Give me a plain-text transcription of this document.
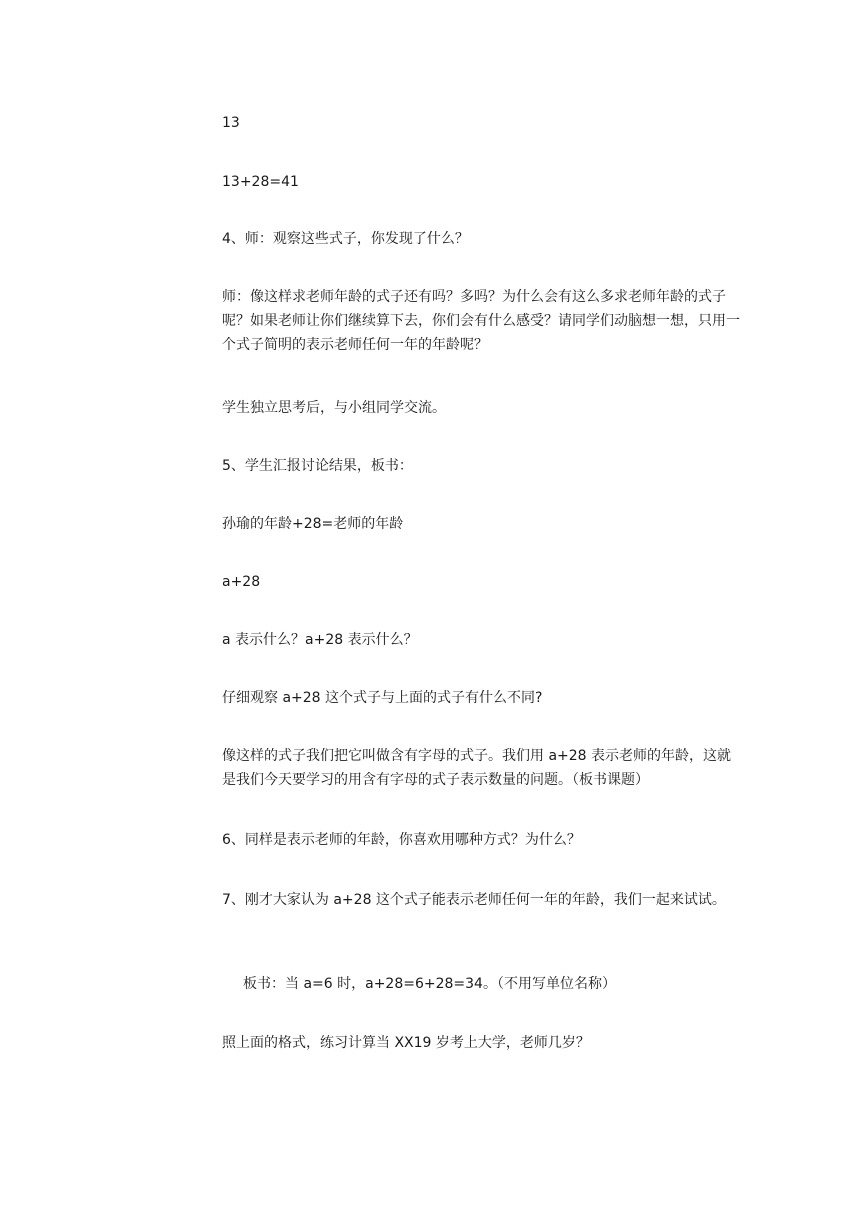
13

13+28=41

4、师：观察这些式子，你发现了什么？

师：像这样求老师年龄的式子还有吗？多吗？为什么会有这么多求老师年龄的式子呢？如果老师让你们继续算下去，你们会有什么感受？请同学们动脑想一想，只用一个式子简明的表示老师任何一年的年龄呢？

学生独立思考后，与小组同学交流。

5、学生汇报讨论结果，板书：

孙瑜的年龄+28=老师的年龄

a+28

a 表示什么？a+28 表示什么？

仔细观察 a+28 这个式子与上面的式子有什么不同?

像这样的式子我们把它叫做含有字母的式子。我们用 a+28 表示老师的年龄，这就是我们今天要学习的用含有字母的式子表示数量的问题。（板书课题）

6、同样是表示老师的年龄，你喜欢用哪种方式？为什么？

7、刚才大家认为 a+28 这个式子能表示老师任何一年的年龄，我们一起来试试。

板书：当 a=6 时，a+28=6+28=34。（不用写单位名称）

照上面的格式，练习计算当 XX19 岁考上大学，老师几岁？
